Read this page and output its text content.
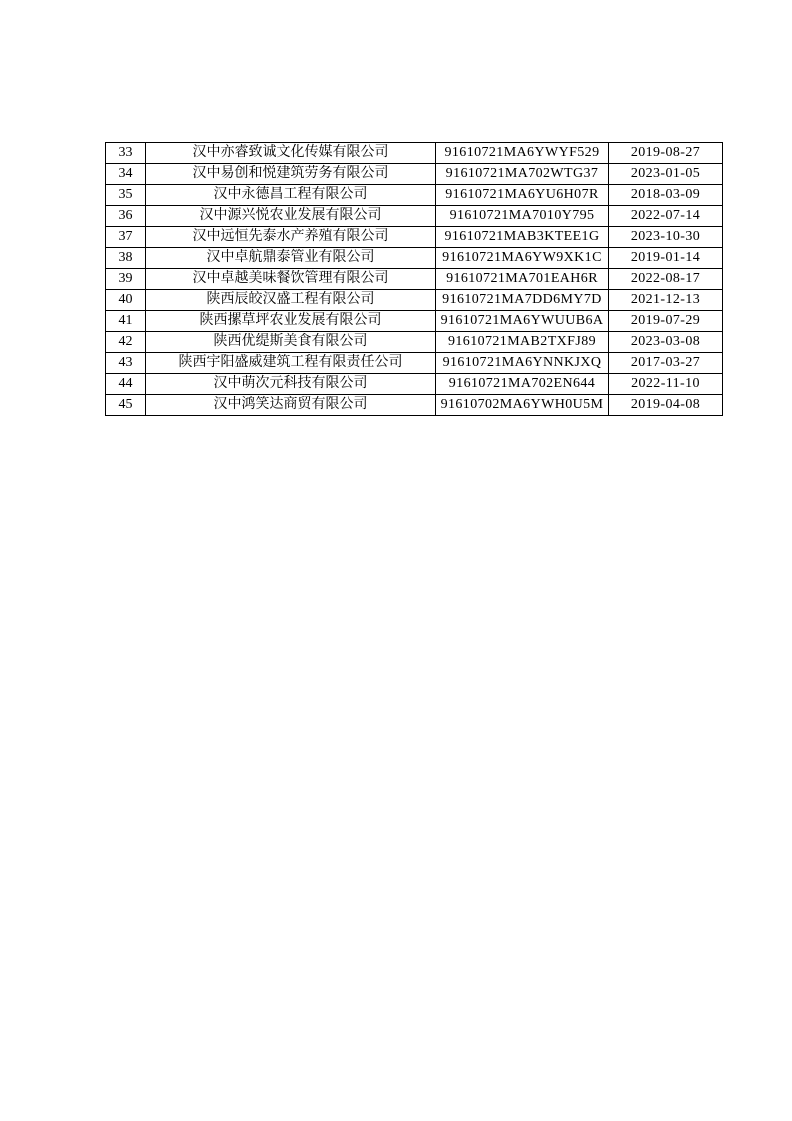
33	汉中亦睿致诚文化传媒有限公司	91610721MA6YWYF529	2019-08-27
34	汉中易创和悦建筑劳务有限公司	91610721MA702WTG37	2023-01-05
35	汉中永德昌工程有限公司	91610721MA6YU6H07R	2018-03-09
36	汉中源兴悦农业发展有限公司	91610721MA7010Y795	2022-07-14
37	汉中远恒先泰水产养殖有限公司	91610721MAB3KTEE1G	2023-10-30
38	汉中卓航鼎泰管业有限公司	91610721MA6YW9XK1C	2019-01-14
39	汉中卓越美味餐饮管理有限公司	91610721MA701EAH6R	2022-08-17
40	陕西辰皎汉盛工程有限公司	91610721MA7DD6MY7D	2021-12-13
41	陕西摞草坪农业发展有限公司	91610721MA6YWUUB6A	2019-07-29
42	陕西优缇斯美食有限公司	91610721MAB2TXFJ89	2023-03-08
43	陕西宇阳盛威建筑工程有限责任公司	91610721MA6YNNKJXQ	2017-03-27
44	汉中萌次元科技有限公司	91610721MA702EN644	2022-11-10
45	汉中鸿笑达商贸有限公司	91610702MA6YWH0U5M	2019-04-08
